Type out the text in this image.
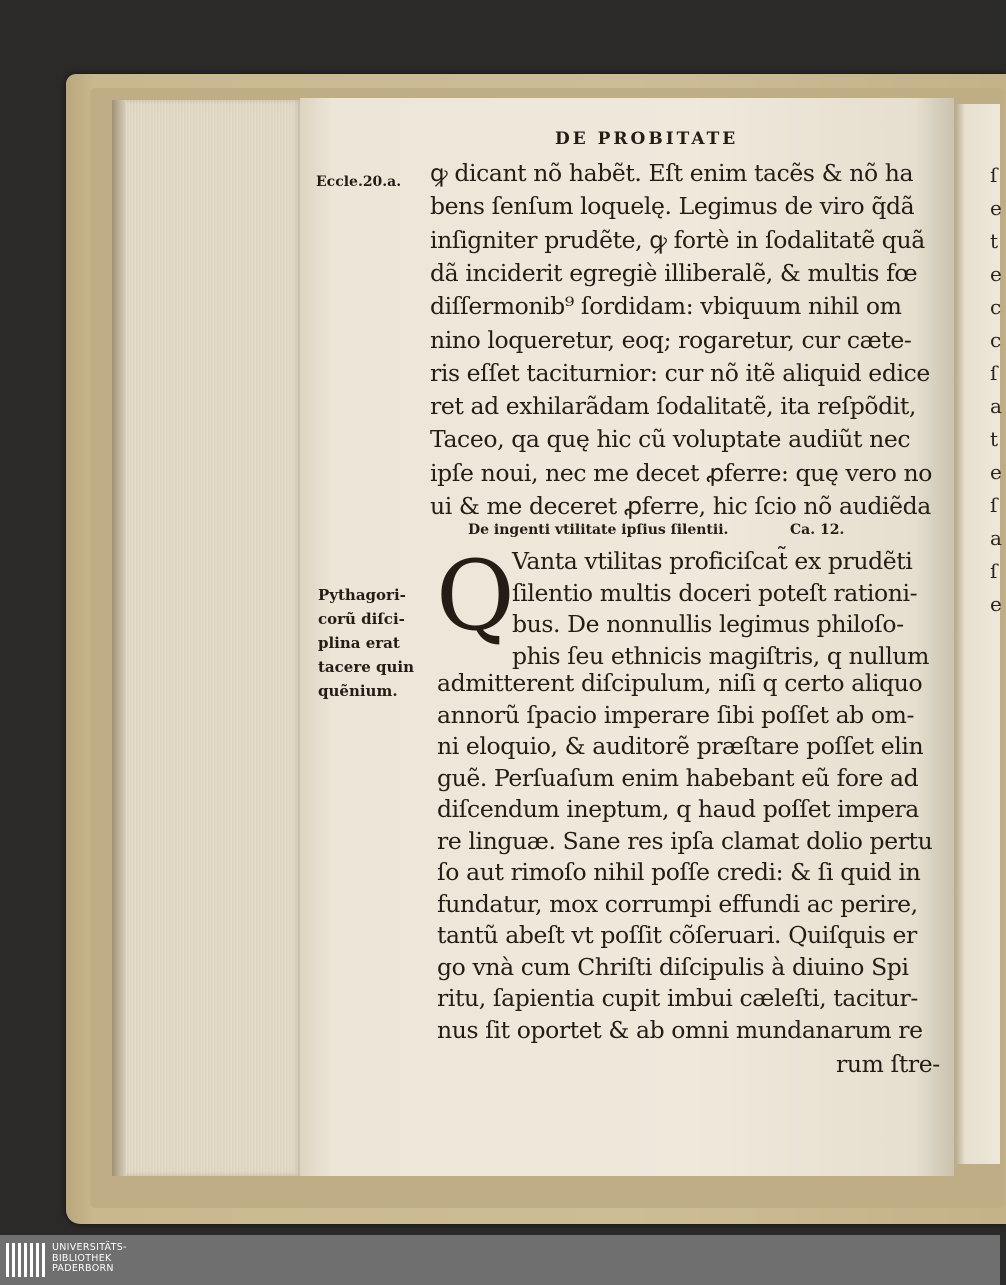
ſ
e
t
e
c
c
ſ
a
t
e
ſ
a
ſ
e
DE PROBITATE
Eccle.20.a. ꝙ dicant nõ habẽt. Eſt enim tacẽs & nõ ha
bens ſenſum loquelę. Legimus de viro q̃dã
inſigniter prudẽte, ꝙ fortè in ſodalitatẽ quã
dã inciderit egregiè illiberalẽ, & multis fœ
diſſermonib⁹ ſordidam: vbiquum nihil om
nino loqueretur, eoq; rogaretur, cur cæte-
ris eſſet taciturnior: cur nõ itẽ aliquid edice
ret ad exhilarãdam ſodalitatẽ, ita reſpõdit,
Taceo, qa quę hic cũ voluptate audiũt nec
ipſe noui, nec me decet ꝓferre: quę vero no
ui & me deceret ꝓferre, hic ſcio nõ audiẽda
De ingenti vtilitate ipſius ſilentii.	Ca. 12.
Q
Vanta vtilitas proficiſcat̃ ex prudẽti
ſilentio multis doceri poteſt rationi-
bus. De nonnullis legimus philoſo-
phis ſeu ethnicis magiſtris, q nullum
Pythagori-
corũ diſci-
plina erat
tacere quin
quẽnium. admitterent diſcipulum, niſi q certo aliquo
annorũ ſpacio imperare ſibi poſſet ab om-
ni eloquio, & auditorẽ præſtare poſſet elin
guẽ. Perſuaſum enim habebant eũ fore ad
diſcendum ineptum, q haud poſſet impera
re linguæ. Sane res ipſa clamat dolio pertu
ſo aut rimoſo nihil poſſe credi: & ſi quid in
fundatur, mox corrumpi effundi ac perire,
tantũ abeſt vt poſſit cõſeruari. Quiſquis er
go vnà cum Chriſti diſcipulis à diuino Spi
ritu, ſapientia cupit imbui cæleſti, tacitur-
nus ſit oportet & ab omni mundanarum re
rum ſtre-
UNIVERSITÄTS-
BIBLIOTHEK
PADERBORN
